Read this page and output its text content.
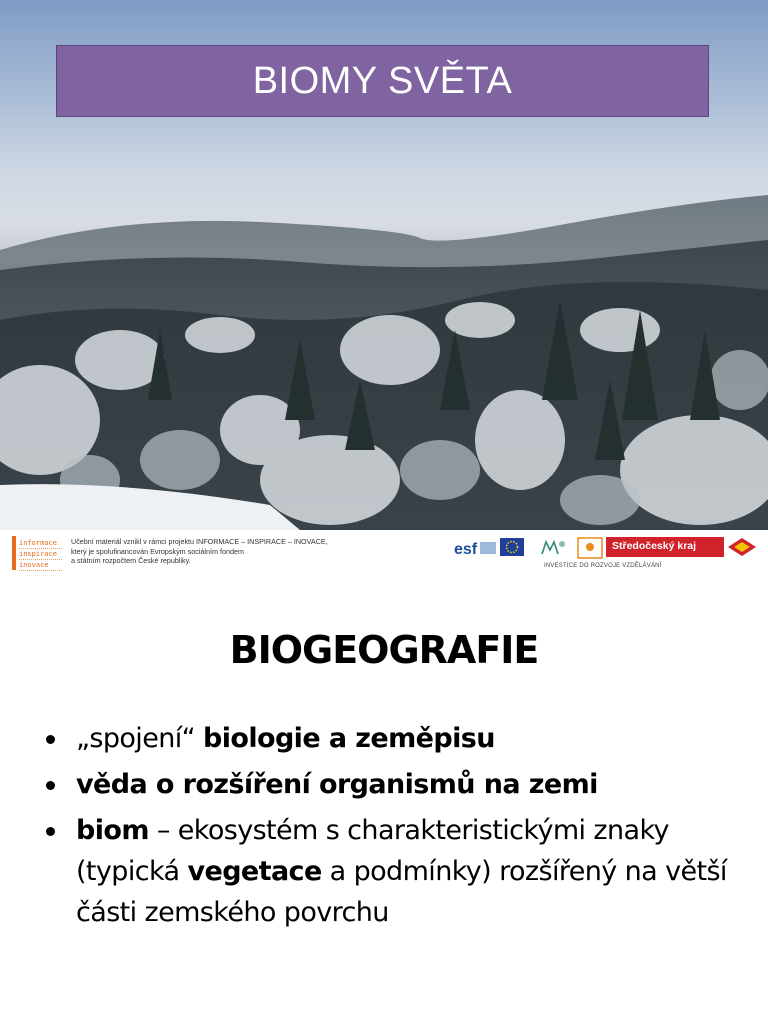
BIOMY SVĚTA
informace
inspirace
inovace
Učební materiál vznikl v rámci projektu INFORMACE – INSPIRACE – INOVACE,
který je spolufinancován Evropským sociálním fondem
a státním rozpočtem České republiky.
esf	Středočeský kraj
INVESTICE DO ROZVOJE VZDĚLÁVÁNÍ
BIOGEOGRAFIE
„spojení“ biologie a zeměpisu
věda o rozšíření organismů na zemi
biom – ekosystém s charakteristickými znaky (typická vegetace a podmínky) rozšířený na větší části zemského povrchu
